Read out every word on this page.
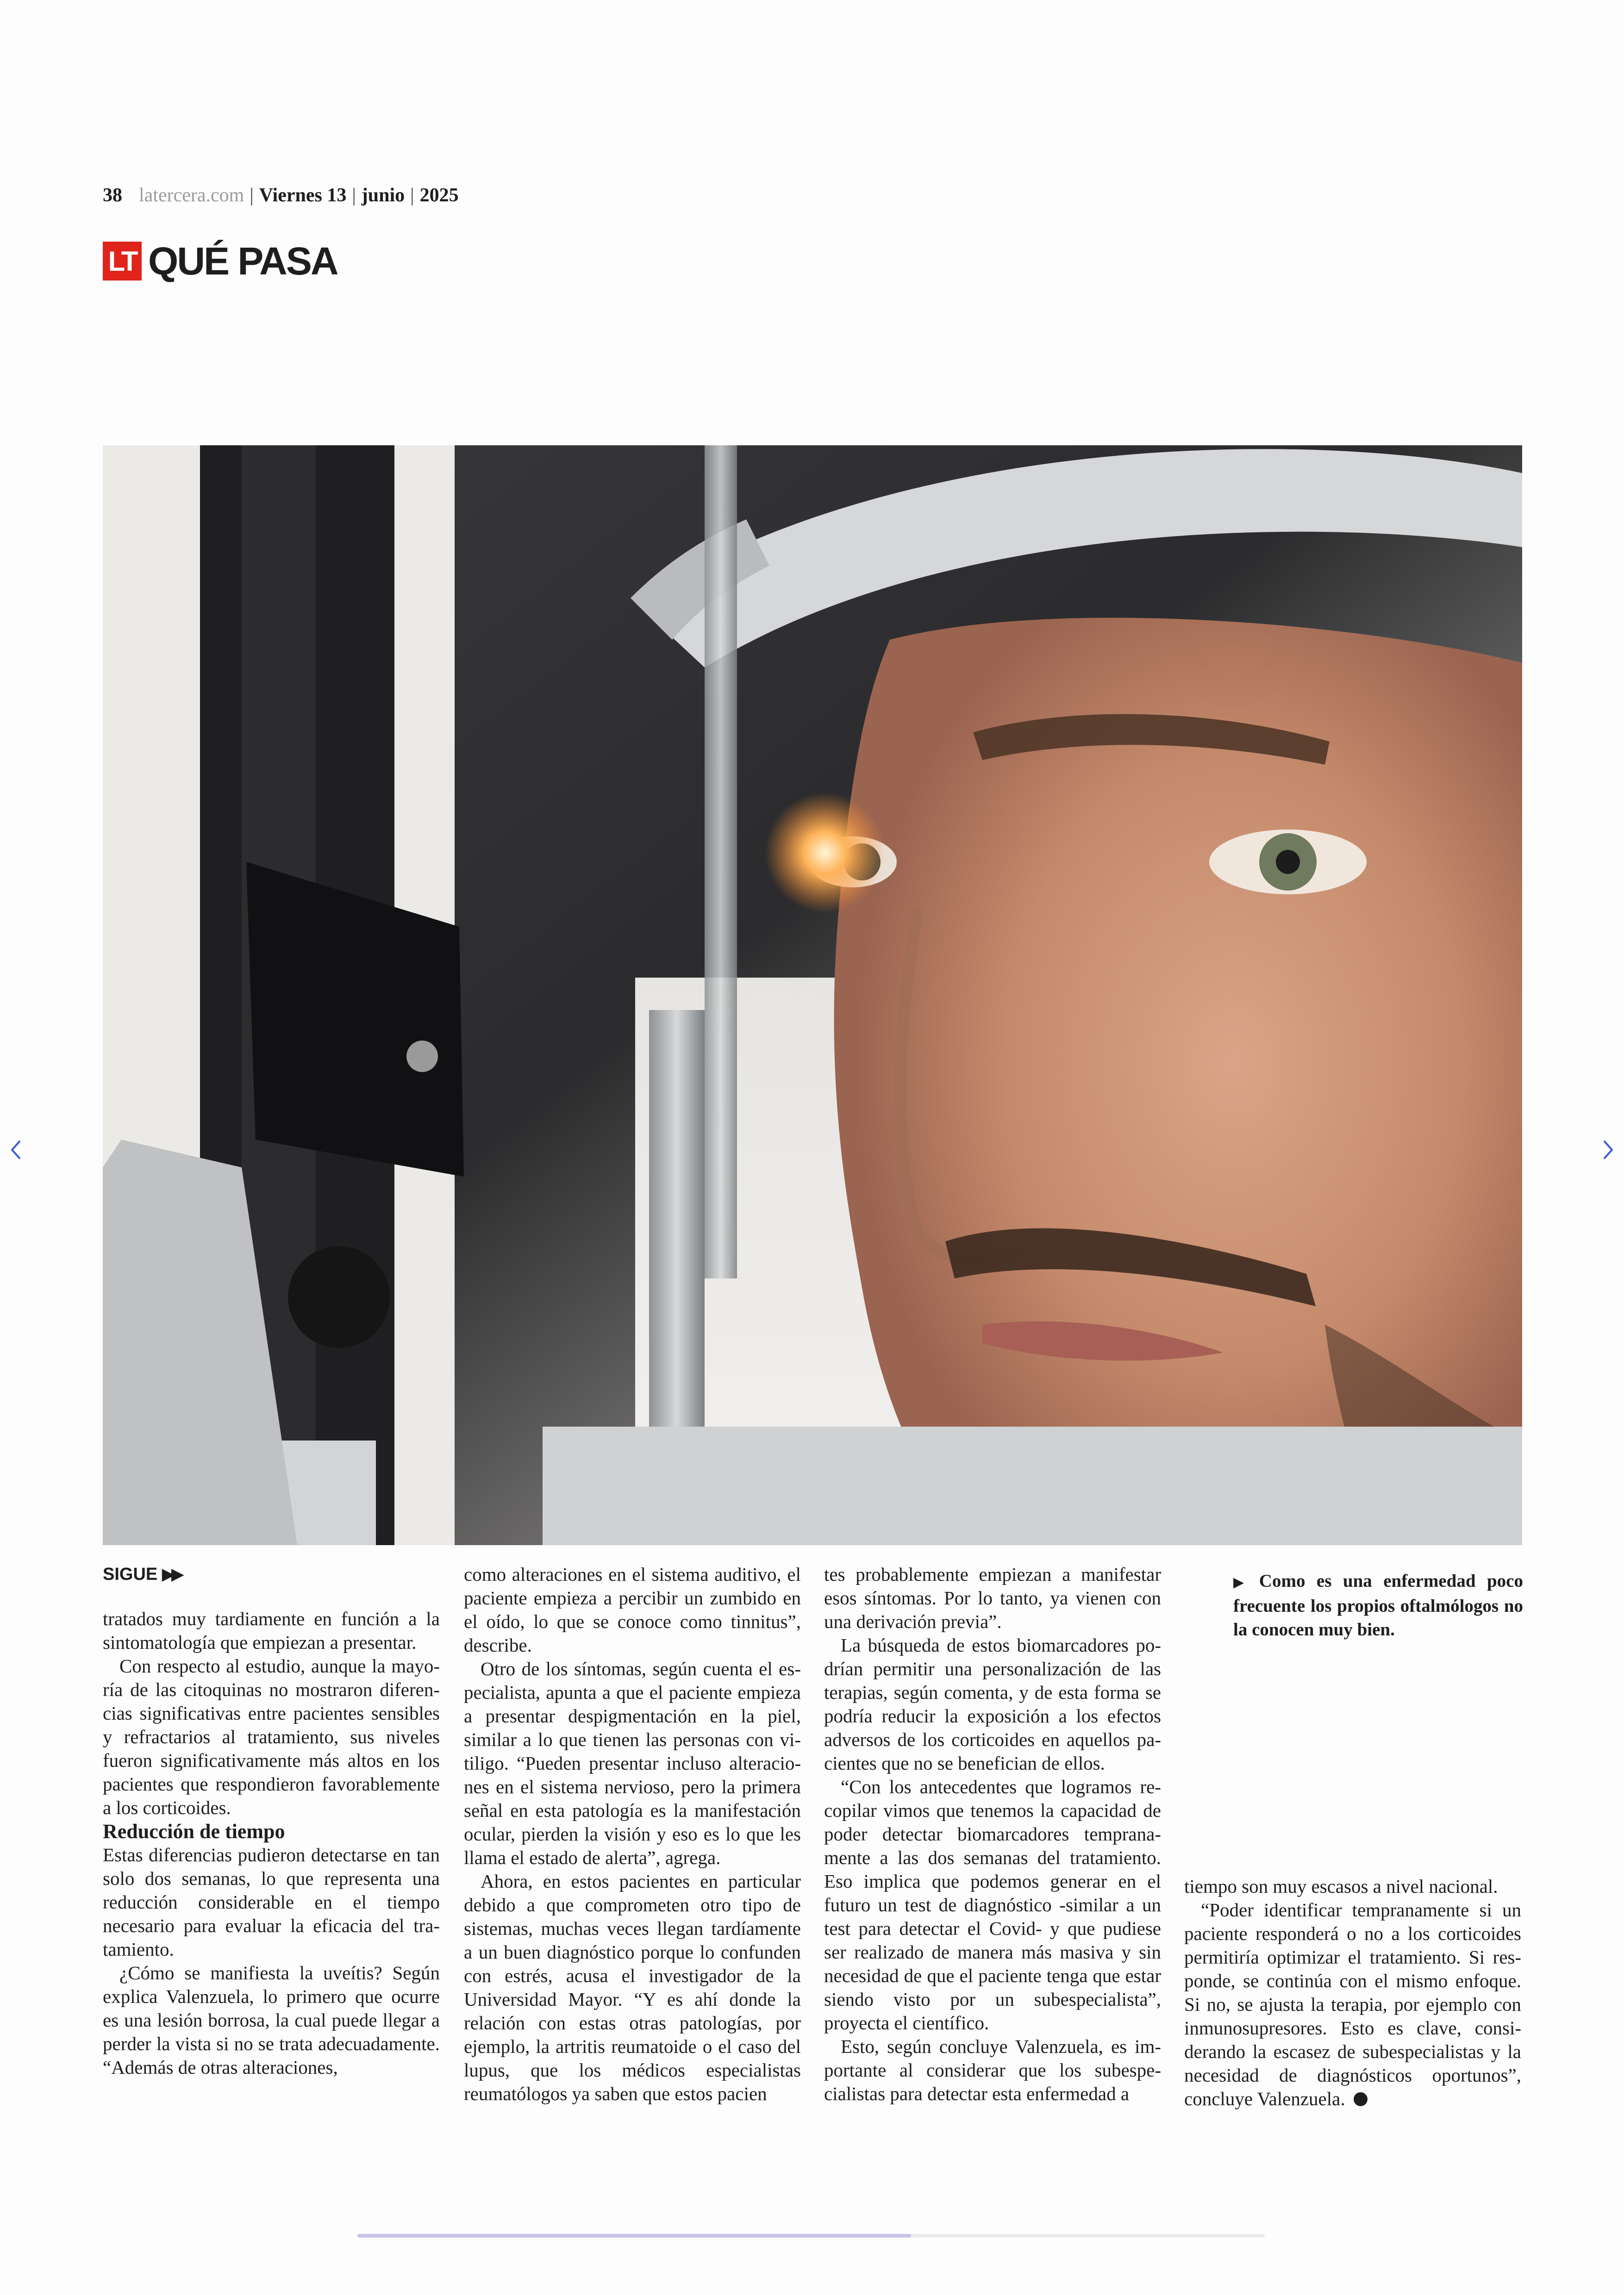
38 latercera.com | Viernes 13 | junio | 2025
LT QUÉ PASA
SIGUE ▶▶

tratados muy tardiamente en función a la sintomatología que empiezan a presentar.

Con respecto al estudio, aunque la mayoría de las citoquinas no mostraron diferencias significativas entre pacientes sensibles y refractarios al tratamiento, sus niveles fueron significativamente más altos en los pacientes que respondieron favorablemente a los corticoides.

Reducción de tiempo

Estas diferencias pudieron detectarse en tan solo dos semanas, lo que representa una reducción considerable en el tiempo necesario para evaluar la eficacia del tratamiento.

¿Cómo se manifiesta la uveítis? Según explica Valenzuela, lo primero que ocurre es una lesión borrosa, la cual puede llegar a perder la vista si no se trata adecuadamente. “Además de otras alteraciones,

como alteraciones en el sistema auditivo, el paciente empieza a percibir un zumbido en el oído, lo que se conoce como tinnitus”, describe.

Otro de los síntomas, según cuenta el especialista, apunta a que el paciente empieza a presentar despigmentación en la piel, similar a lo que tienen las personas con vitiligo. “Pueden presentar incluso alteraciones en el sistema nervioso, pero la primera señal en esta patología es la manifestación ocular, pierden la visión y eso es lo que les llama el estado de alerta”, agrega.

Ahora, en estos pacientes en particular debido a que comprometen otro tipo de sistemas, muchas veces llegan tardíamente a un buen diagnóstico porque lo confunden con estrés, acusa el investigador de la Universidad Mayor. “Y es ahí donde la relación con estas otras patologías, por ejemplo, la artritis reumatoide o el caso del lupus, que los médicos especialistas reumatólogos ya saben que estos pacien

tes probablemente empiezan a manifestar esos síntomas. Por lo tanto, ya vienen con una derivación previa”.

La búsqueda de estos biomarcadores podrían permitir una personalización de las terapias, según comenta, y de esta forma se podría reducir la exposición a los efectos adversos de los corticoides en aquellos pacientes que no se benefician de ellos.

“Con los antecedentes que logramos recopilar vimos que tenemos la capacidad de poder detectar biomarcadores tempranamente a las dos semanas del tratamiento. Eso implica que podemos generar en el futuro un test de diagnóstico -similar a un test para detectar el Covid- y que pudiese ser realizado de manera más masiva y sin necesidad de que el paciente tenga que estar siendo visto por un subespecialista”, proyecta el científico.

Esto, según concluye Valenzuela, es importante al considerar que los subespecialistas para detectar esta enfermedad a

▶ Como es una enfermedad poco frecuente los propios oftalmólogos no la conocen muy bien.

tiempo son muy escasos a nivel nacional.

“Poder identificar tempranamente si un paciente responderá o no a los corticoides permitiría optimizar el tratamiento. Si responde, se continúa con el mismo enfoque. Si no, se ajusta la terapia, por ejemplo con inmunosupresores. Esto es clave, considerando la escasez de subespecialistas y la necesidad de diagnósticos oportunos”, concluye Valenzuela.
